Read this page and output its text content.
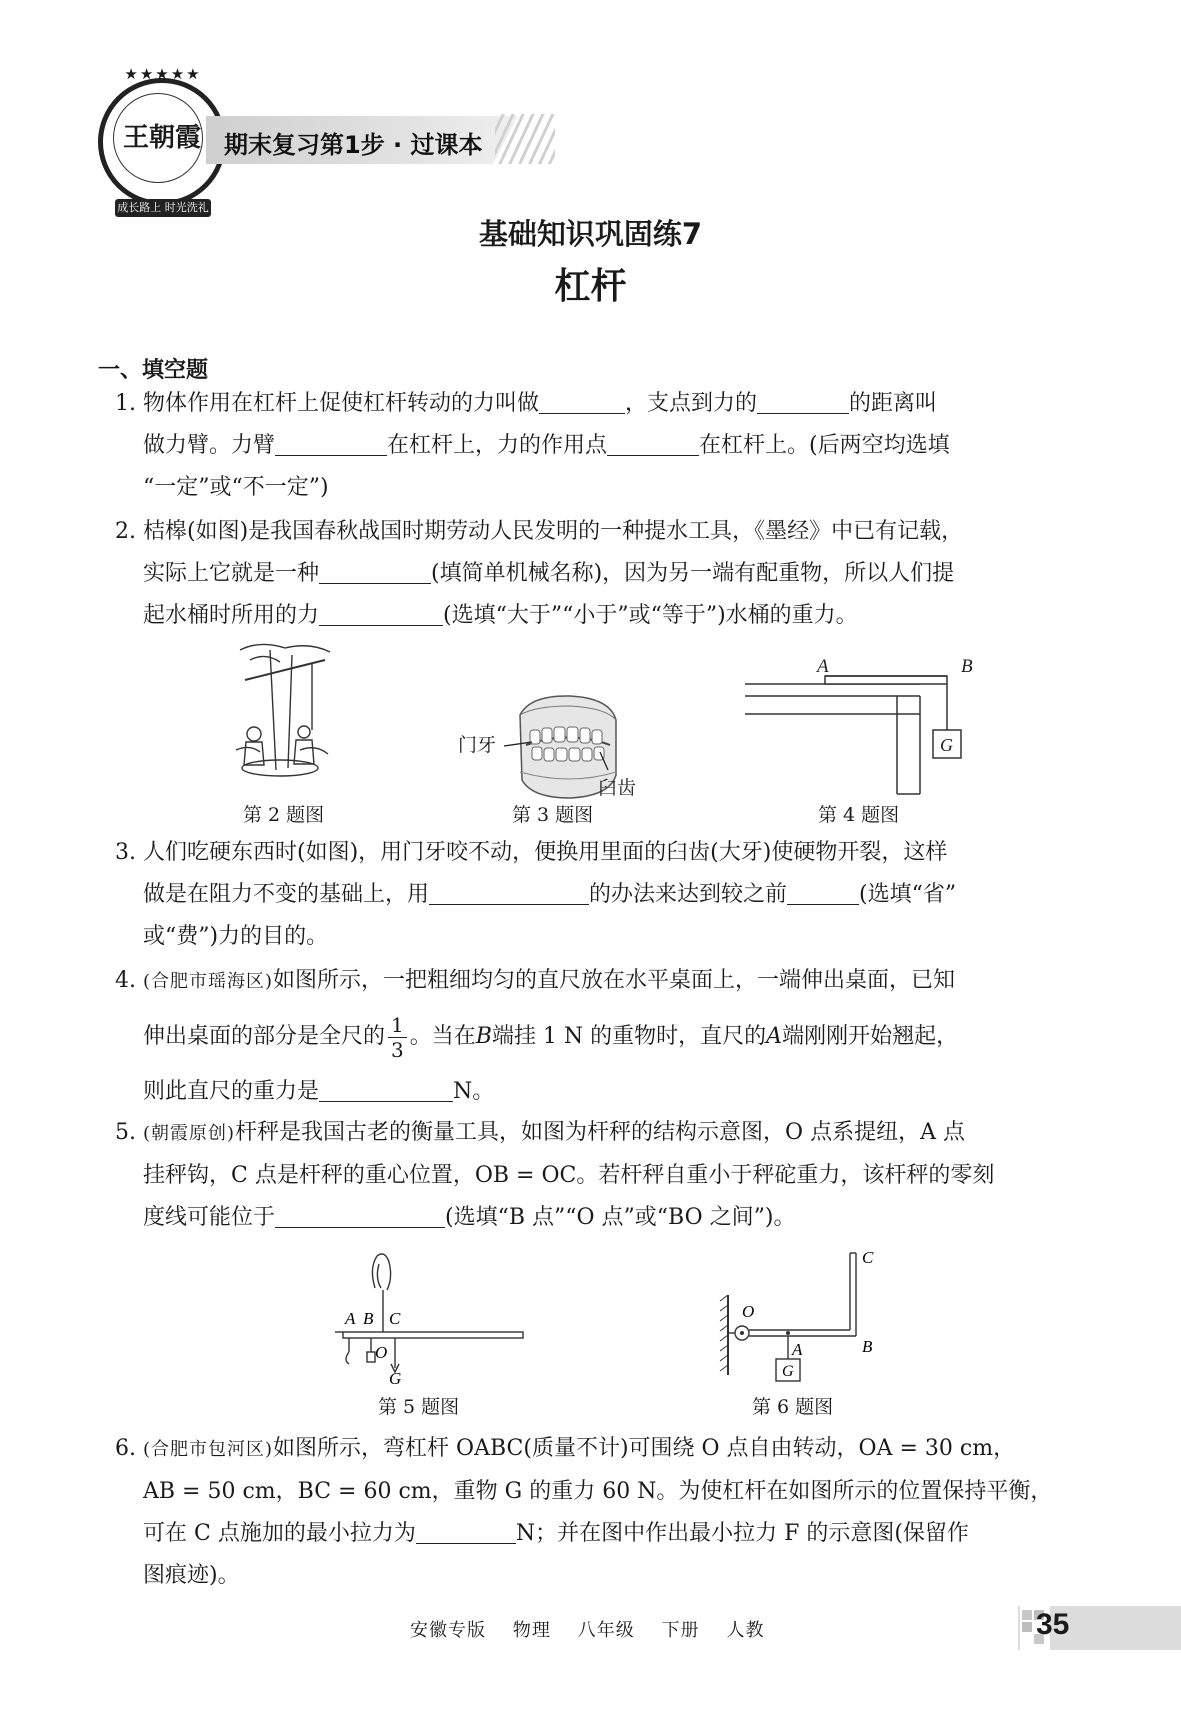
★★★★★
王朝霞
成长路上 时光洗礼
期末复习第1步 · 过课本
基础知识巩固练7
杠杆
一、填空题

1. 物体作用在杠杆上促使杠杆转动的力叫做	，支点到力的	的距离叫

做力臂。力臂	在杠杆上，力的作用点	在杠杆上。(后两空均选填

“一定”或“不一定”)

2. 桔槔(如图)是我国春秋战国时期劳动人民发明的一种提水工具，《墨经》中已有记载，

实际上它就是一种	(填简单机械名称)，因为另一端有配重物，所以人们提

起水桶时所用的力	(选填“大于”“小于”或“等于”)水桶的重力。

门牙
臼齿
A	B
G
第 2 题图	第 3 题图	第 4 题图

3. 人们吃硬东西时(如图)，用门牙咬不动，便换用里面的臼齿(大牙)使硬物开裂，这样

做是在阻力不变的基础上，用	的办法来达到较之前	(选填“省”

或“费”)力的目的。

4. (合肥市瑶海区)如图所示，一把粗细均匀的直尺放在水平桌面上，一端伸出桌面，已知

伸出桌面的部分是全尺的 $\frac{1}{3}$ 。当在B端挂 1 N 的重物时，直尺的A端刚刚开始翘起，

则此直尺的重力是	N。

5. (朝霞原创)杆秤是我国古老的衡量工具，如图为杆秤的结构示意图，O 点系提纽，A 点

挂秤钩，C 点是杆秤的重心位置，OB = OC。若杆秤自重小于秤砣重力，该杆秤的零刻

度线可能位于	(选填“B 点”“O 点”或“BO 之间”)。

A B C
O
G
O
A	B
C
G
第 5 题图	第 6 题图

6. (合肥市包河区)如图所示，弯杠杆 OABC(质量不计)可围绕 O 点自由转动，OA = 30 cm，

AB = 50 cm，BC = 60 cm，重物 G 的重力 60 N。为使杠杆在如图所示的位置保持平衡，

可在 C 点施加的最小拉力为	N；并在图中作出最小拉力 F 的示意图(保留作

图痕迹)。

安徽专版    物理    八年级    下册    人教	35
